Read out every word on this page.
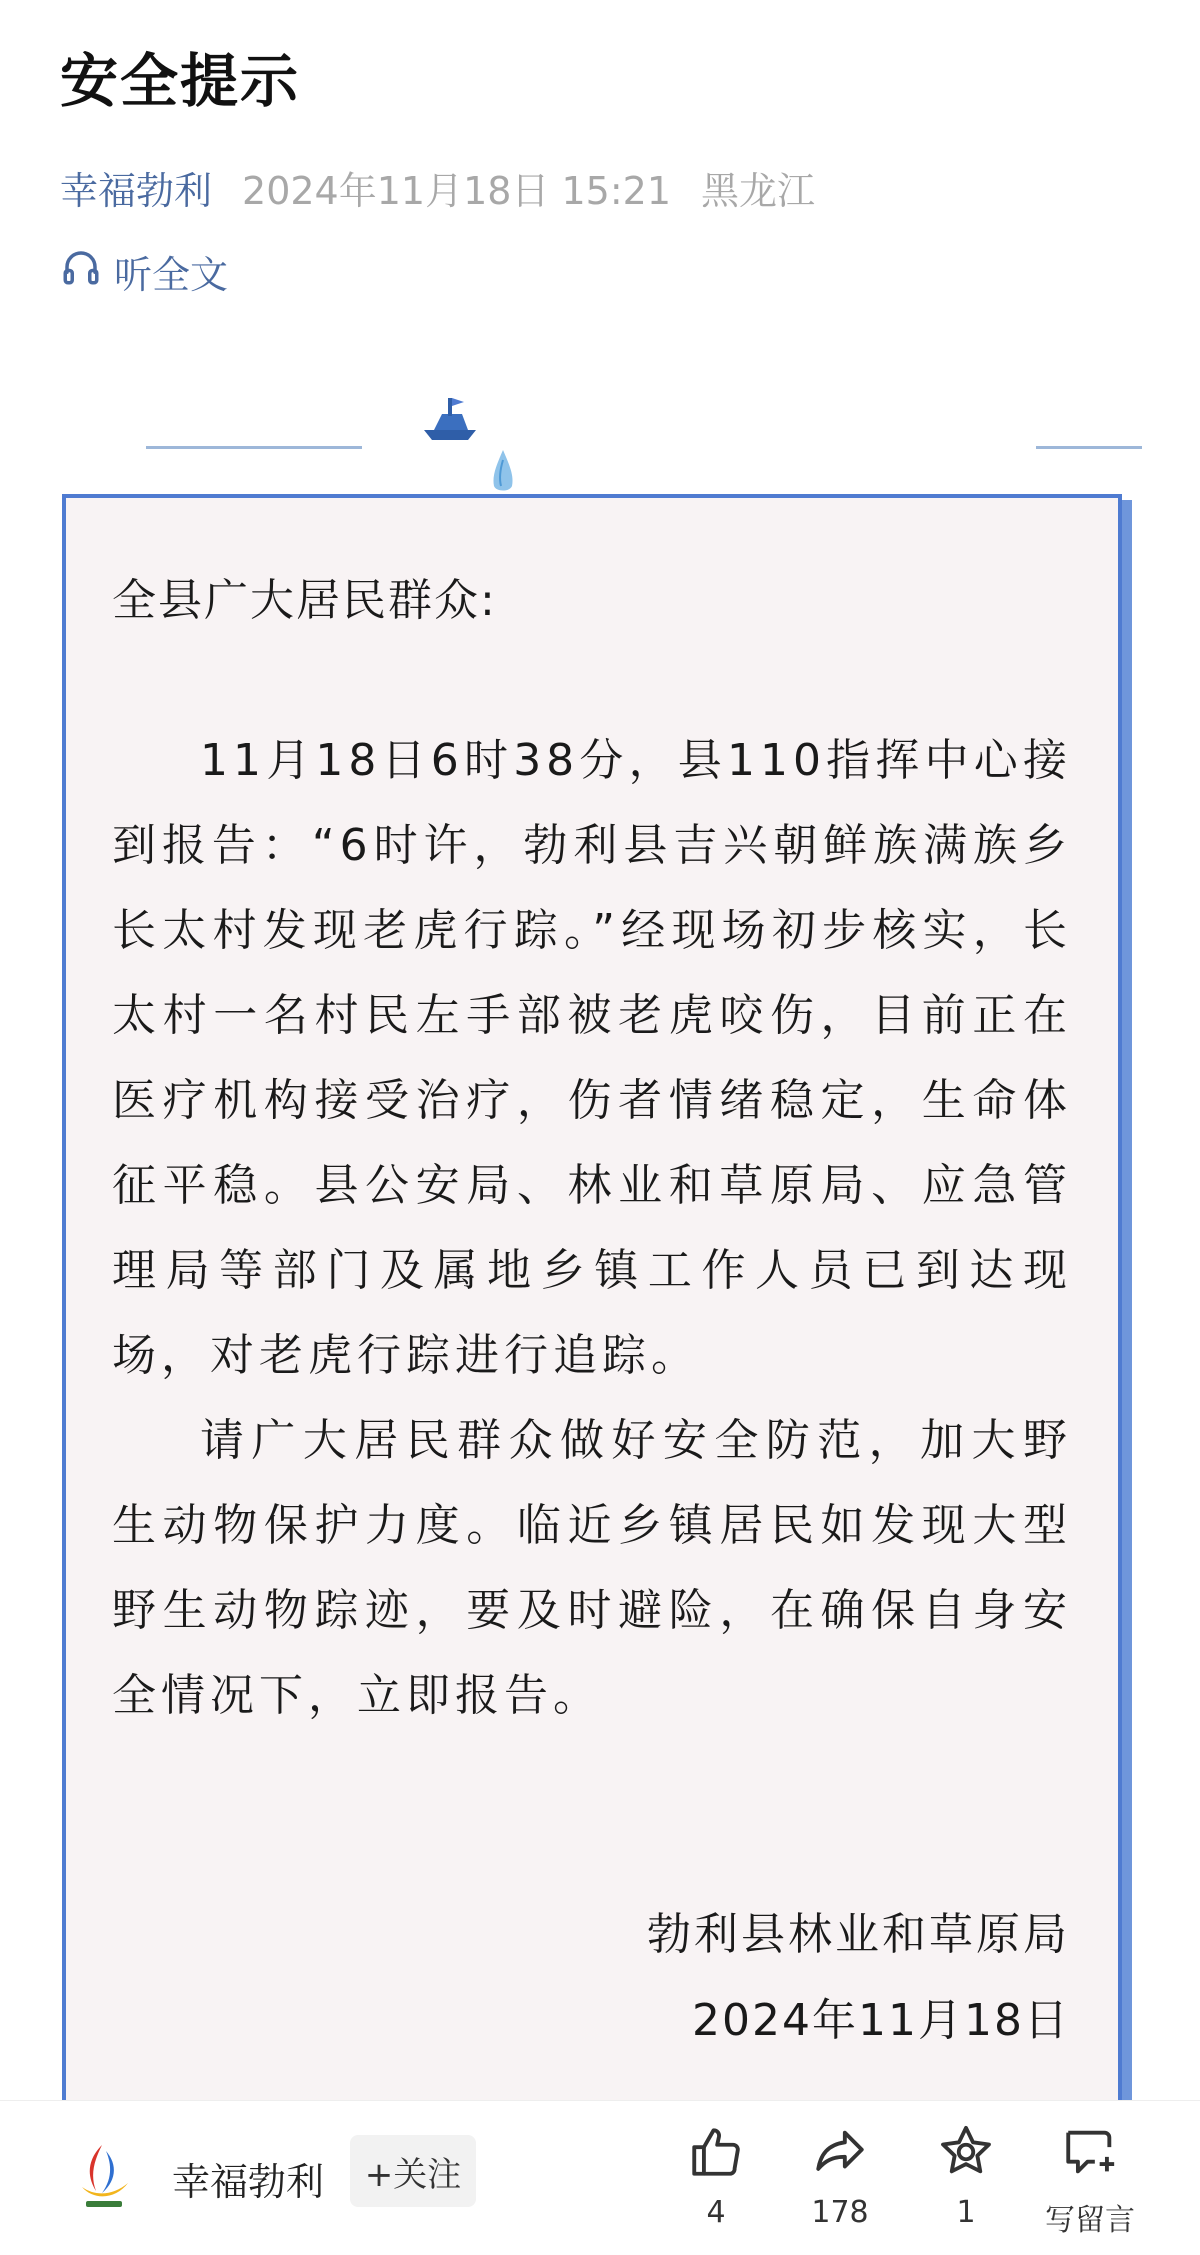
安全提示
幸福勃利 2024年11月18日 15:21 黑龙江
听全文
全县广大居民群众:

11月18日6时38分，县110指挥中心接到报告：“6时许，勃利县吉兴朝鲜族满族乡长太村发现老虎行踪。”经现场初步核实，长太村一名村民左手部被老虎咬伤，目前正在医疗机构接受治疗，伤者情绪稳定，生命体征平稳。县公安局、林业和草原局、应急管理局等部门及属地乡镇工作人员已到达现场，对老虎行踪进行追踪。

请广大居民群众做好安全防范，加大野生动物保护力度。临近乡镇居民如发现大型野生动物踪迹，要及时避险，在确保自身安全情况下，立即报告。

勃利县林业和草原局
2024年11月18日
幸福勃利	+关注
4	178	1 写留言
